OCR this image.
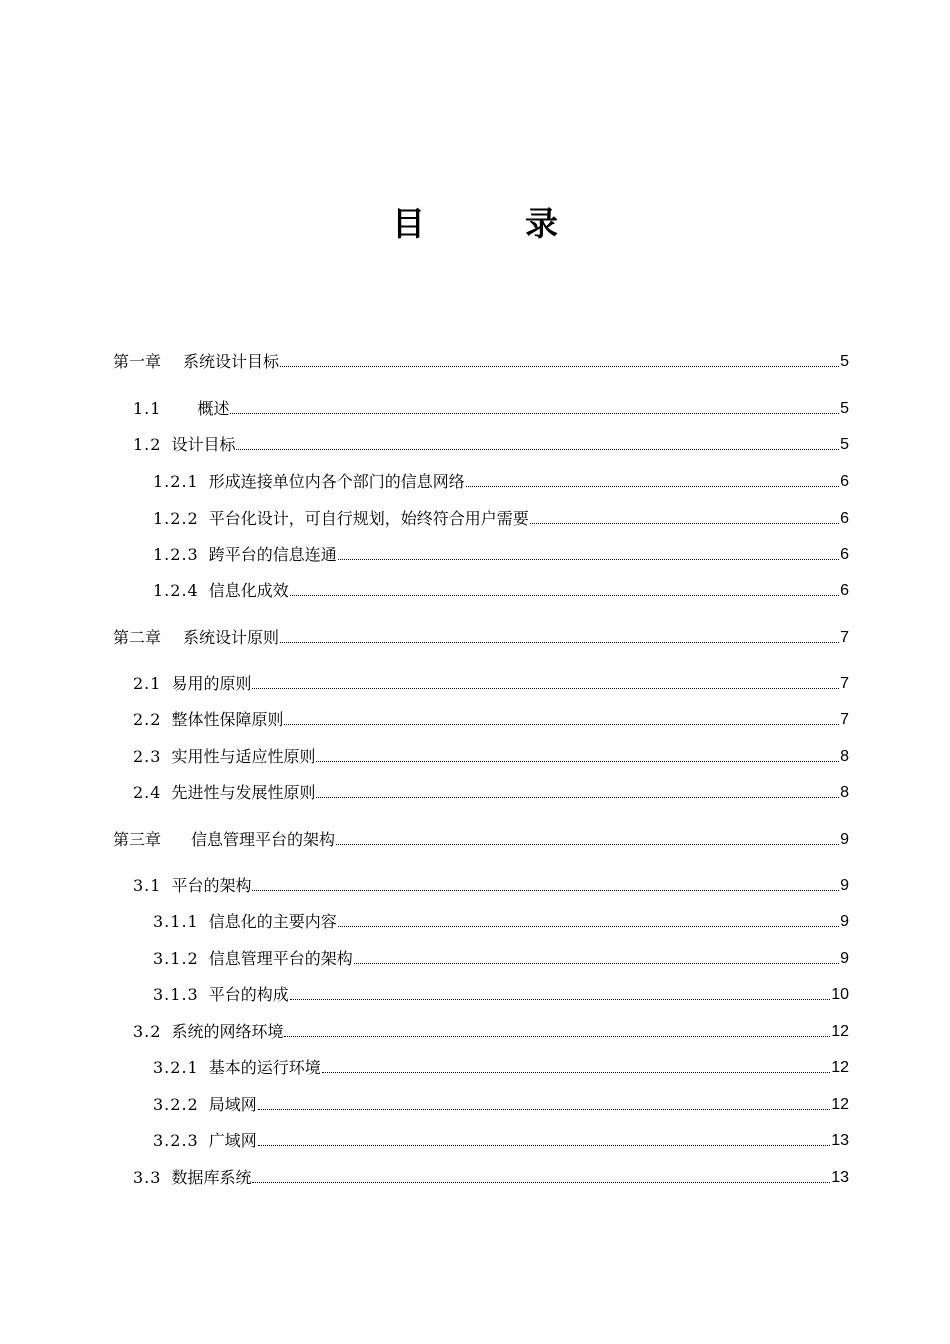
目	录
第一章 系统设计目标	5
1.1 概述	5
1.2 设计目标	5
1.2.1 形成连接单位内各个部门的信息网络	6
1.2.2 平台化设计，可自行规划，始终符合用户需要	6
1.2.3 跨平台的信息连通	6
1.2.4 信息化成效	6
第二章 系统设计原则	7
2.1 易用的原则	7
2.2 整体性保障原则	7
2.3 实用性与适应性原则	8
2.4 先进性与发展性原则	8
第三章 信息管理平台的架构	9
3.1 平台的架构	9
3.1.1 信息化的主要内容	9
3.1.2 信息管理平台的架构	9
3.1.3 平台的构成	10
3.2 系统的网络环境	12
3.2.1 基本的运行环境	12
3.2.2 局域网	12
3.2.3 广域网	13
3.3 数据库系统	13
